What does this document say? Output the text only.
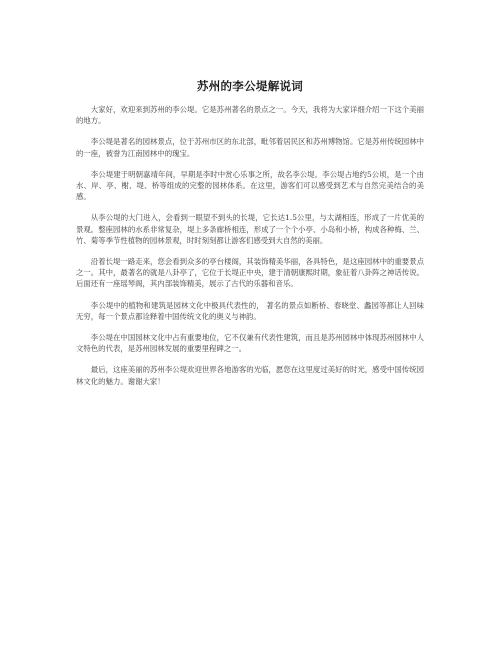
苏州的李公堤解说词

大家好，欢迎来到苏州的李公堤。它是苏州著名的景点之一。今天，我将为大家详细介绍一下这个美丽的地方。

李公堤是著名的园林景点，位于苏州市区的东北部，毗邻着居民区和苏州博物馆。它是苏州传统园林中的一座，被誉为江南园林中的瑰宝。

李公堤建于明朝嘉靖年间，早期是李时中赏心乐事之所，故名李公堤。李公堤占地约5公顷，是一个由水、岸、亭、榭、堤、桥等组成的完整的园林体系。在这里，游客们可以感受到艺术与自然完美结合的美感。

从李公堤的大门进入，会看到一眼望不到头的长堤，它长达1.5公里，与太湖相连，形成了一片优美的景观。整座园林的水系非常复杂，堤上多条廊桥相连，形成了一个个小亭、小岛和小桥，构成各种梅、兰、竹、菊等季节性植物的园林景观，时时刻刻都让游客们感受到大自然的美丽。

沿着长堤一路走来，您会看到众多的亭台楼阁，其装饰精美华丽，各具特色，是这座园林中的重要景点之一。其中，最著名的就是八卦亭了，它位于长堤正中央，建于清朝康熙时期，象征着八卦阵之神话传说。后面还有一座瑶琴阁，其内部装饰精美，展示了古代的乐器和音乐。

李公堤中的植物和建筑是园林文化中极具代表性的， 著名的景点如断桥、春晓堂、蠡园等都让人回味无穷，每一个景点都诠释着中国传统文化的奥义与神韵。

李公堤在中国园林文化中占有重要地位，它不仅兼有代表性建筑，而且是苏州园林中体现苏州园林中人文特色的代表，是苏州园林发展的重要里程碑之一。

最后，这座美丽的苏州李公堤欢迎世界各地游客的光临，愿您在这里度过美好的时光，感受中国传统园林文化的魅力。谢谢大家！
